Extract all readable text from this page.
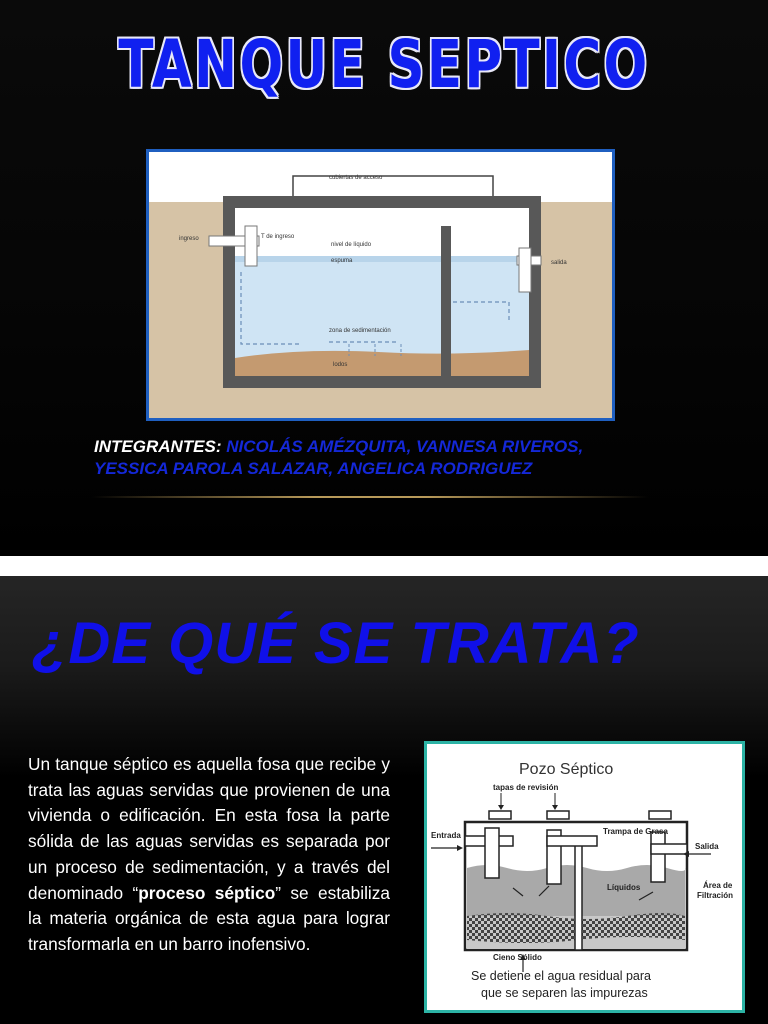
TANQUE SEPTICO
cubiertas de acceso
ingreso	T de ingreso
nivel de líquido
espuma	salida
zona de sedimentación
lodos
INTEGRANTES: NICOLÁS AMÉZQUITA, VANNESA RIVEROS,
YESSICA PAROLA SALAZAR, ANGELICA RODRIGUEZ
¿DE QUÉ SE TRATA?
Un tanque séptico es aquella fosa que recibe y trata las aguas servidas que provienen de una vivienda o edificación. En esta fosa la parte sólida de las aguas servidas es separada por un proceso de sedimentación, y a través del denominado “proceso séptico” se estabiliza la materia orgánica de esta agua para lograr transformarla en un barro inofensivo.
Pozo Séptico
tapas de revisión
Entrada	Trampa de Grasa
Salida
Líquidos	Área de
Filtración
Cieno Sólido
Se detiene el agua residual para
que se separen las impurezas
